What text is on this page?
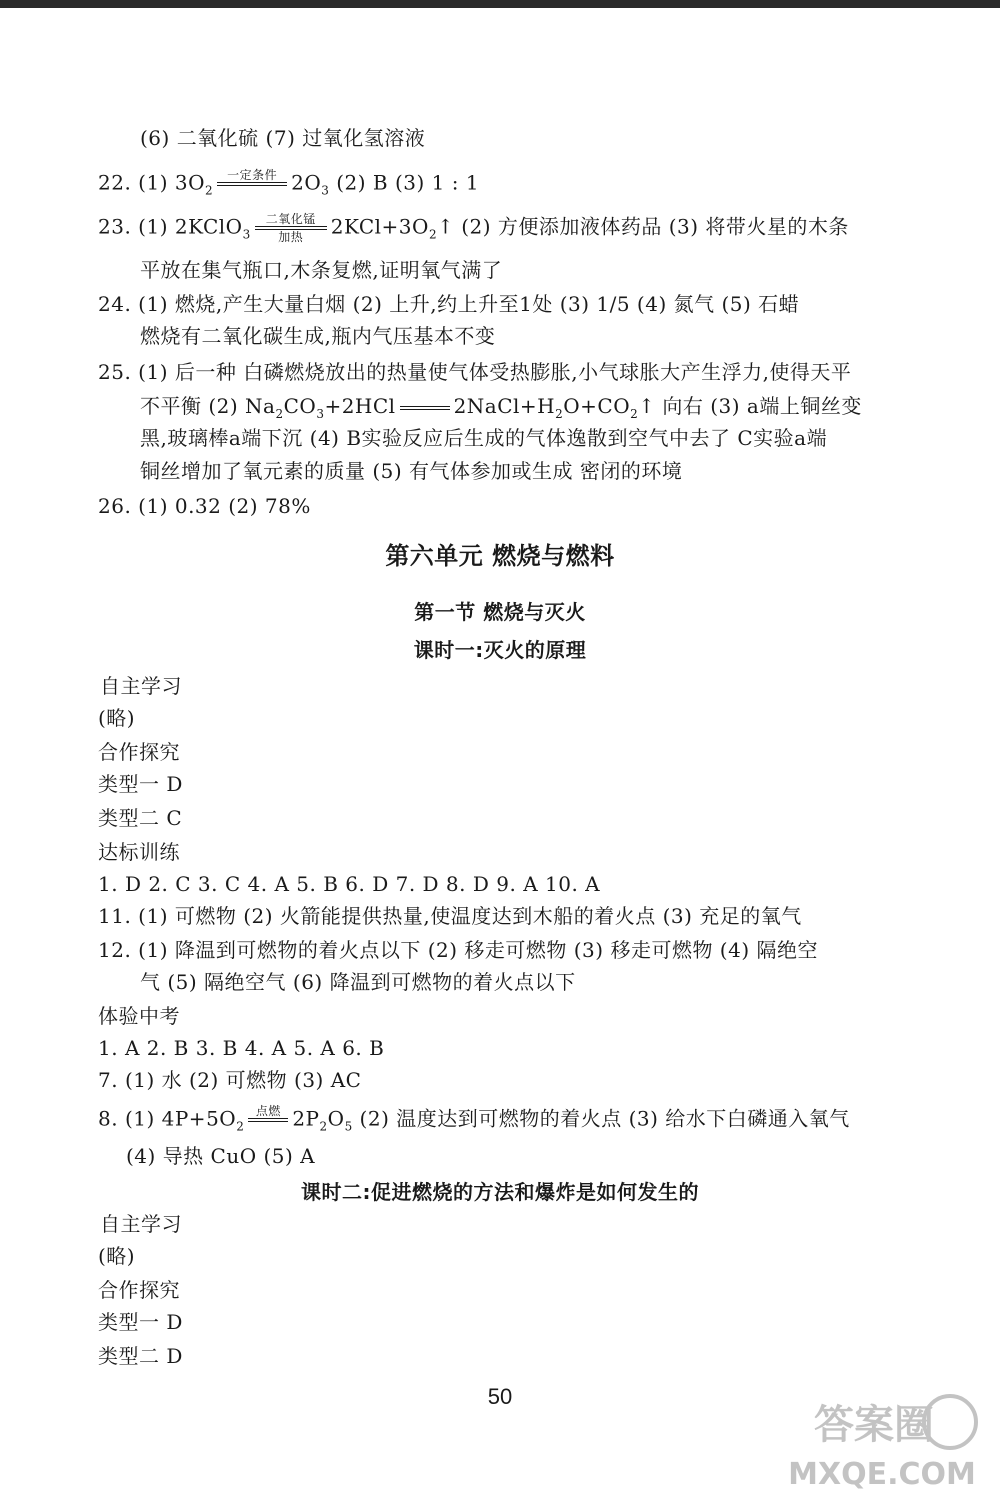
(6) 二氧化硫 (7) 过氧化氢溶液
22. (1) $3O_2$
一定条件
$2O_3$ (2) B (3) 1 : 1
23. (1) 2KClO$_3$
二氧化锰
加热	$2KCl+3O_2↑$ (2) 方便添加液体药品 (3) 将带火星的木条
平放在集气瓶口,木条复燃,证明氧气满了
24. (1) 燃烧,产生大量白烟 (2) 上升,约上升至1处 (3) 1/5 (4) 氮气 (5) 石蜡
燃烧有二氧化碳生成,瓶内气压基本不变
25. (1) 后一种 白磷燃烧放出的热量使气体受热膨胀,小气球胀大产生浮力,使得天平
不平衡 (2) $Na_2CO_3+2HCl$	$2NaCl+H_2O+CO_2↑$ 向右 (3) a端上铜丝变
黑,玻璃棒a端下沉 (4) B实验反应后生成的气体逸散到空气中去了 C实验a端
铜丝增加了氧元素的质量 (5) 有气体参加或生成 密闭的环境
26. (1) 0.32 (2) 78%
第六单元 燃烧与燃料
第一节 燃烧与灭火
课时一:灭火的原理
自主学习
(略)
合作探究
类型一 D
类型二 C
达标训练
1. D 2. C 3. C 4. A 5. B 6. D 7. D 8. D 9. A 10. A
11. (1) 可燃物 (2) 火箭能提供热量,使温度达到木船的着火点 (3) 充足的氧气
12. (1) 降温到可燃物的着火点以下 (2) 移走可燃物 (3) 移走可燃物 (4) 隔绝空
气 (5) 隔绝空气 (6) 降温到可燃物的着火点以下
体验中考
1. A 2. B 3. B 4. A 5. A 6. B
7. (1) 水 (2) 可燃物 (3) AC
8. (1) $4P+5O_2$
点燃
$2P_2O_5$ (2) 温度达到可燃物的着火点 (3) 给水下白磷通入氧气
(4) 导热 CuO (5) A
课时二:促进燃烧的方法和爆炸是如何发生的
自主学习
(略)
合作探究
类型一 D
类型二 D
50
答案圈
MXQE.COM
